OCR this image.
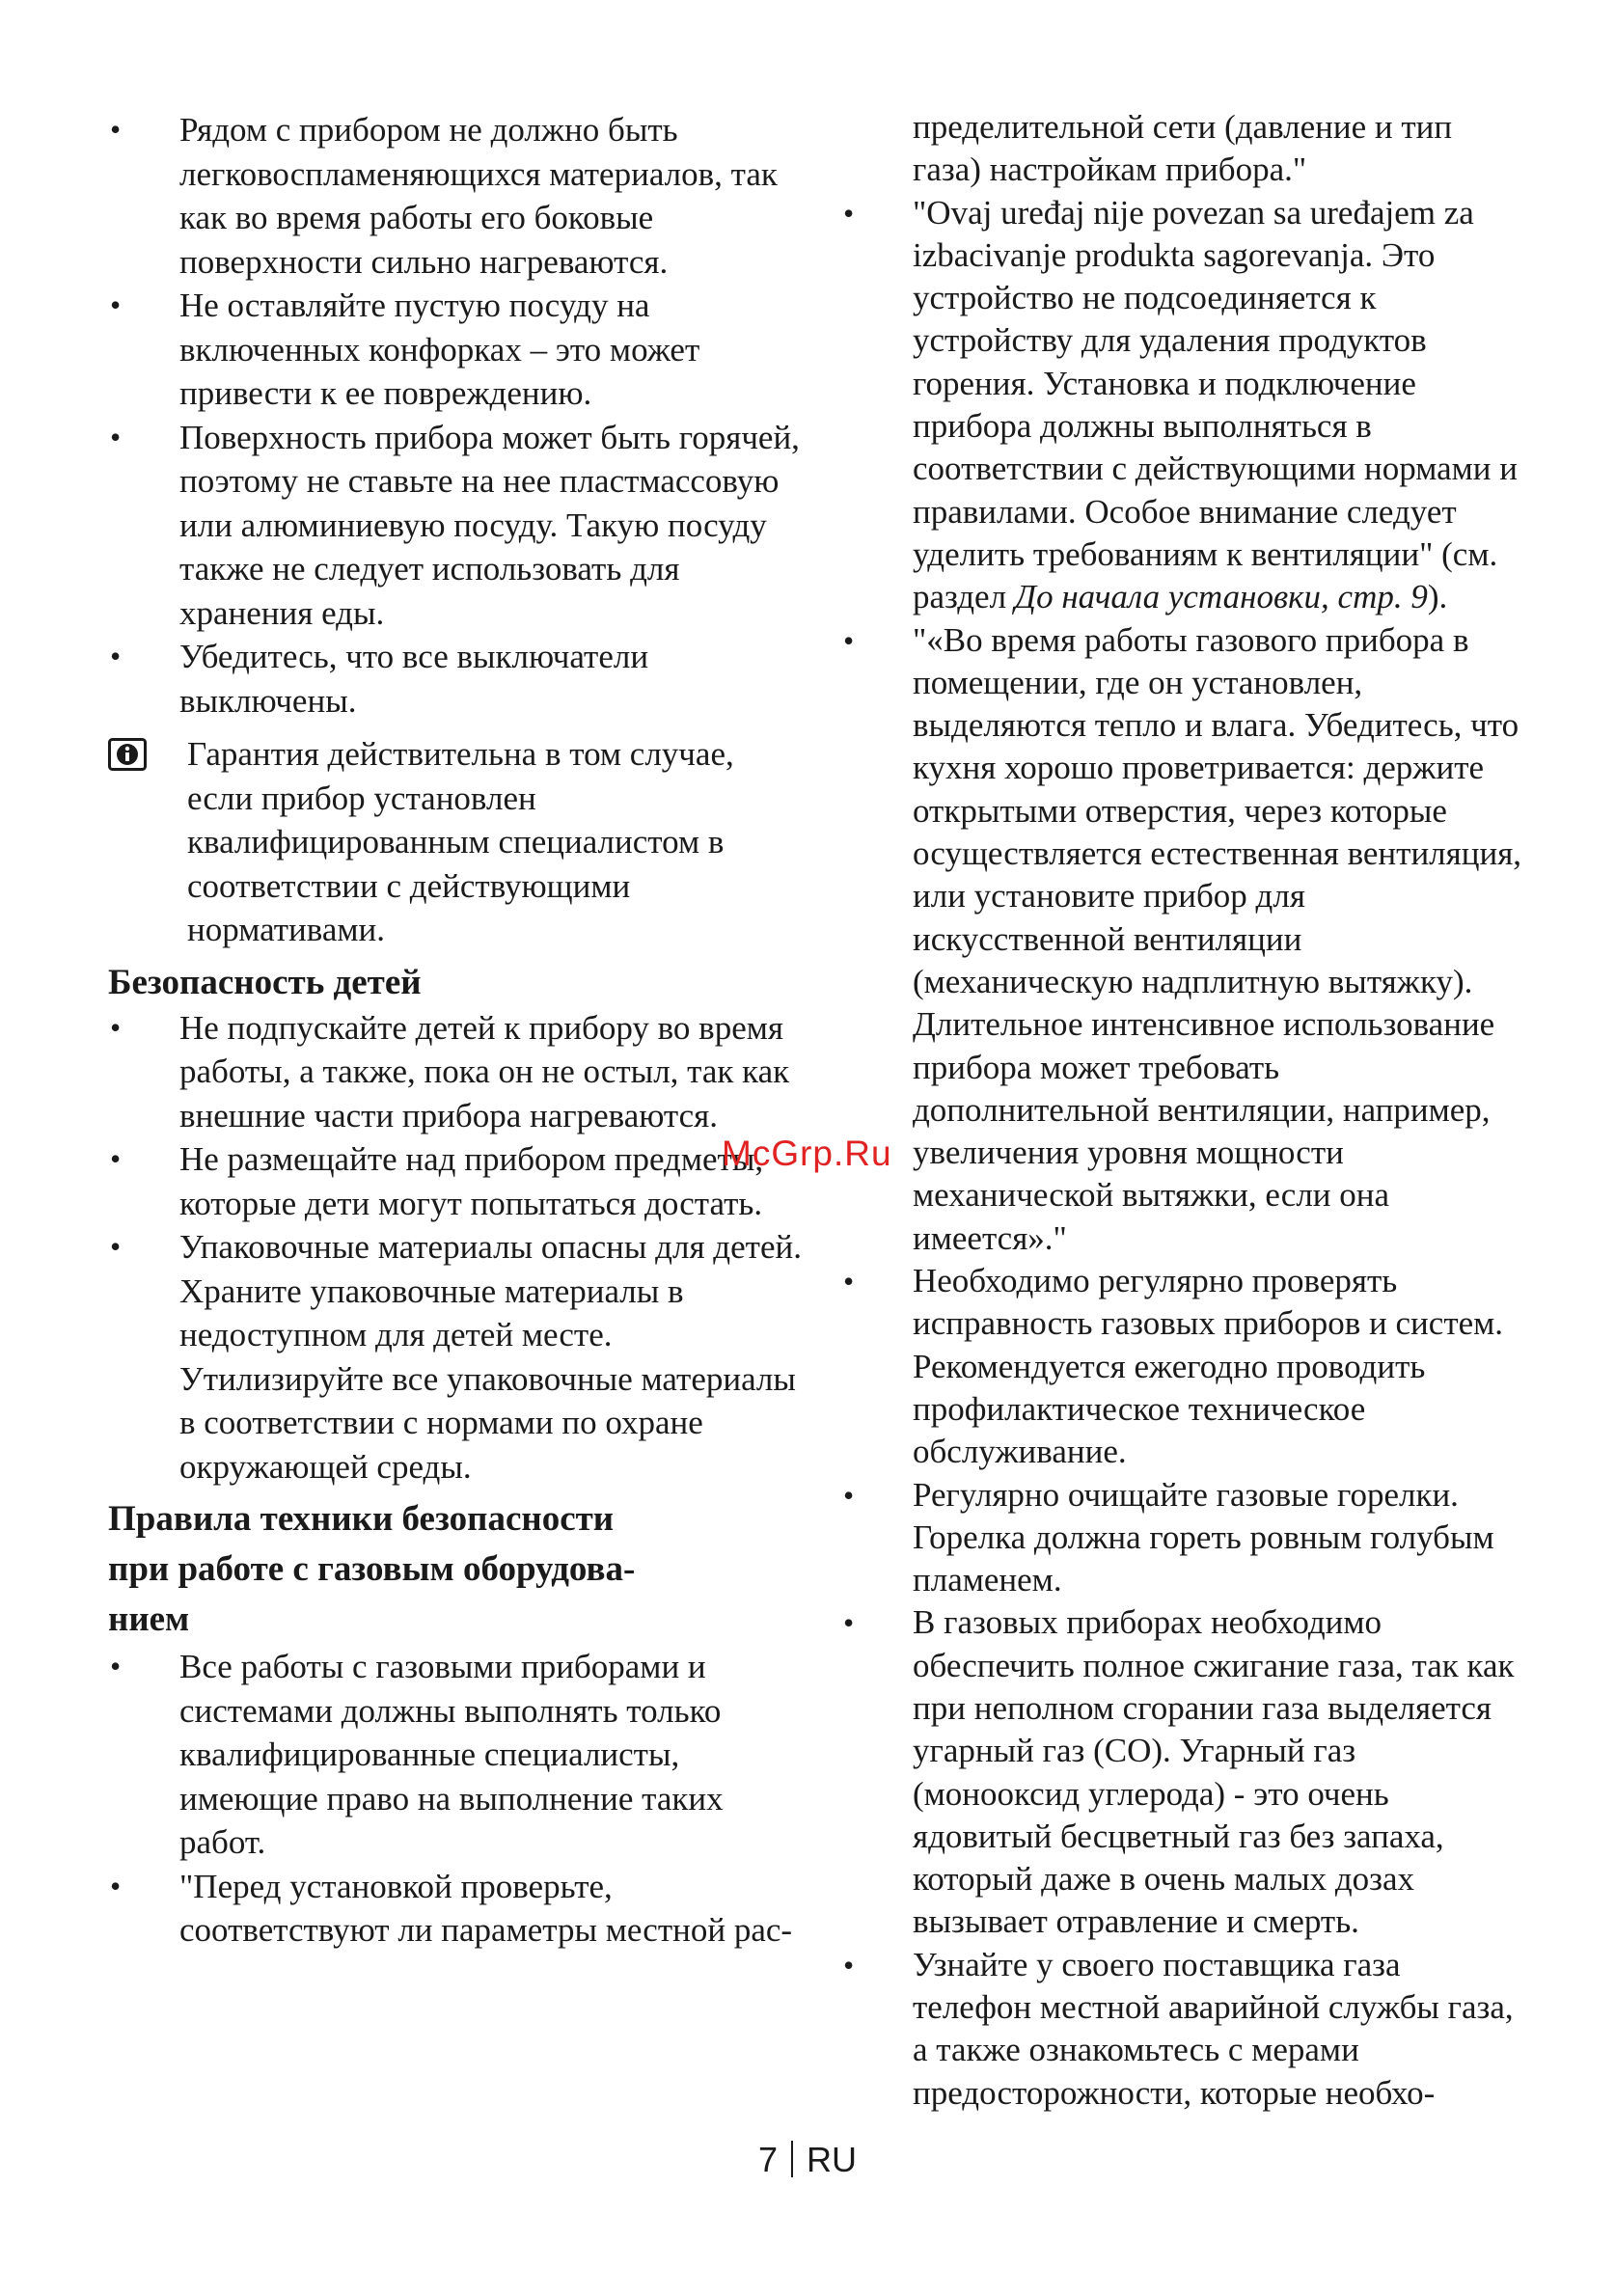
• Рядом с прибором не должно быть легковоспламеняющихся материалов, так как во время работы его боковые поверхности сильно нагреваются.
• Не оставляйте пустую посуду на включенных конфорках – это может привести к ее повреждению.
• Поверхность прибора может быть горячей, поэтому не ставьте на нее пластмассовую или алюминиевую посуду. Такую посуду также не следует использовать для хранения еды.
• Убедитесь, что все выключатели выключены.
Гарантия действительна в том случае, если прибор установлен квалифицированным специалистом в соответствии с действующими нормативами.
Безопасность детей
• Не подпускайте детей к прибору во время работы, а также, пока он не остыл, так как внешние части прибора нагреваются.
• Не размещайте над прибором предметы, которые дети могут попытаться достать.
• Упаковочные материалы опасны для детей. Храните упаковочные материалы в недоступном для детей месте. Утилизируйте все упаковочные материалы в соответствии с нормами по охране окружающей среды.
Правила техники безопасности
при работе с газовым оборудова-
нием
• Все работы с газовыми приборами и системами должны выполнять только квалифицированные специалисты, имеющие право на выполнение таких работ.
• "Перед установкой проверьте, соответствуют ли параметры местной рас-

пределительной сети (давление и тип газа) настройкам прибора."

• "Ovaj uređaj nije povezan sa uređajem za izbacivanje produkta sagorevanja. Это устройство не подсоединяется к устройству для удаления продуктов горения. Установка и подключение прибора должны выполняться в соответствии с действующими нормами и правилами. Особое внимание следует уделить требованиям к вентиляции" (см. раздел До начала установки, стр. 9).
• "«Во время работы газового прибора в помещении, где он установлен, выделяются тепло и влага. Убедитесь, что кухня хорошо проветривается: держите открытыми отверстия, через которые осуществляется естественная вентиляция, или установите прибор для искусственной вентиляции (механическую надплитную вытяжку). Длительное интенсивное использование прибора может требовать дополнительной вентиляции, например, увеличения уровня мощности механической вытяжки, если она имеется»."
• Необходимо регулярно проверять исправность газовых приборов и систем. Рекомендуется ежегодно проводить профилактическое техническое обслуживание.
• Регулярно очищайте газовые горелки. Горелка должна гореть ровным голубым пламенем.
• В газовых приборах необходимо обеспечить полное сжигание газа, так как при неполном сгорании газа выделяется угарный газ (CO). Угарный газ (монооксид углерода) - это очень ядовитый бесцветный газ без запаха, который даже в очень малых дозах вызывает отравление и смерть.
• Узнайте у своего поставщика газа телефон местной аварийной службы газа, а также ознакомьтесь с мерами предосторожности, которые необхо-
McGrp.Ru
7 RU
